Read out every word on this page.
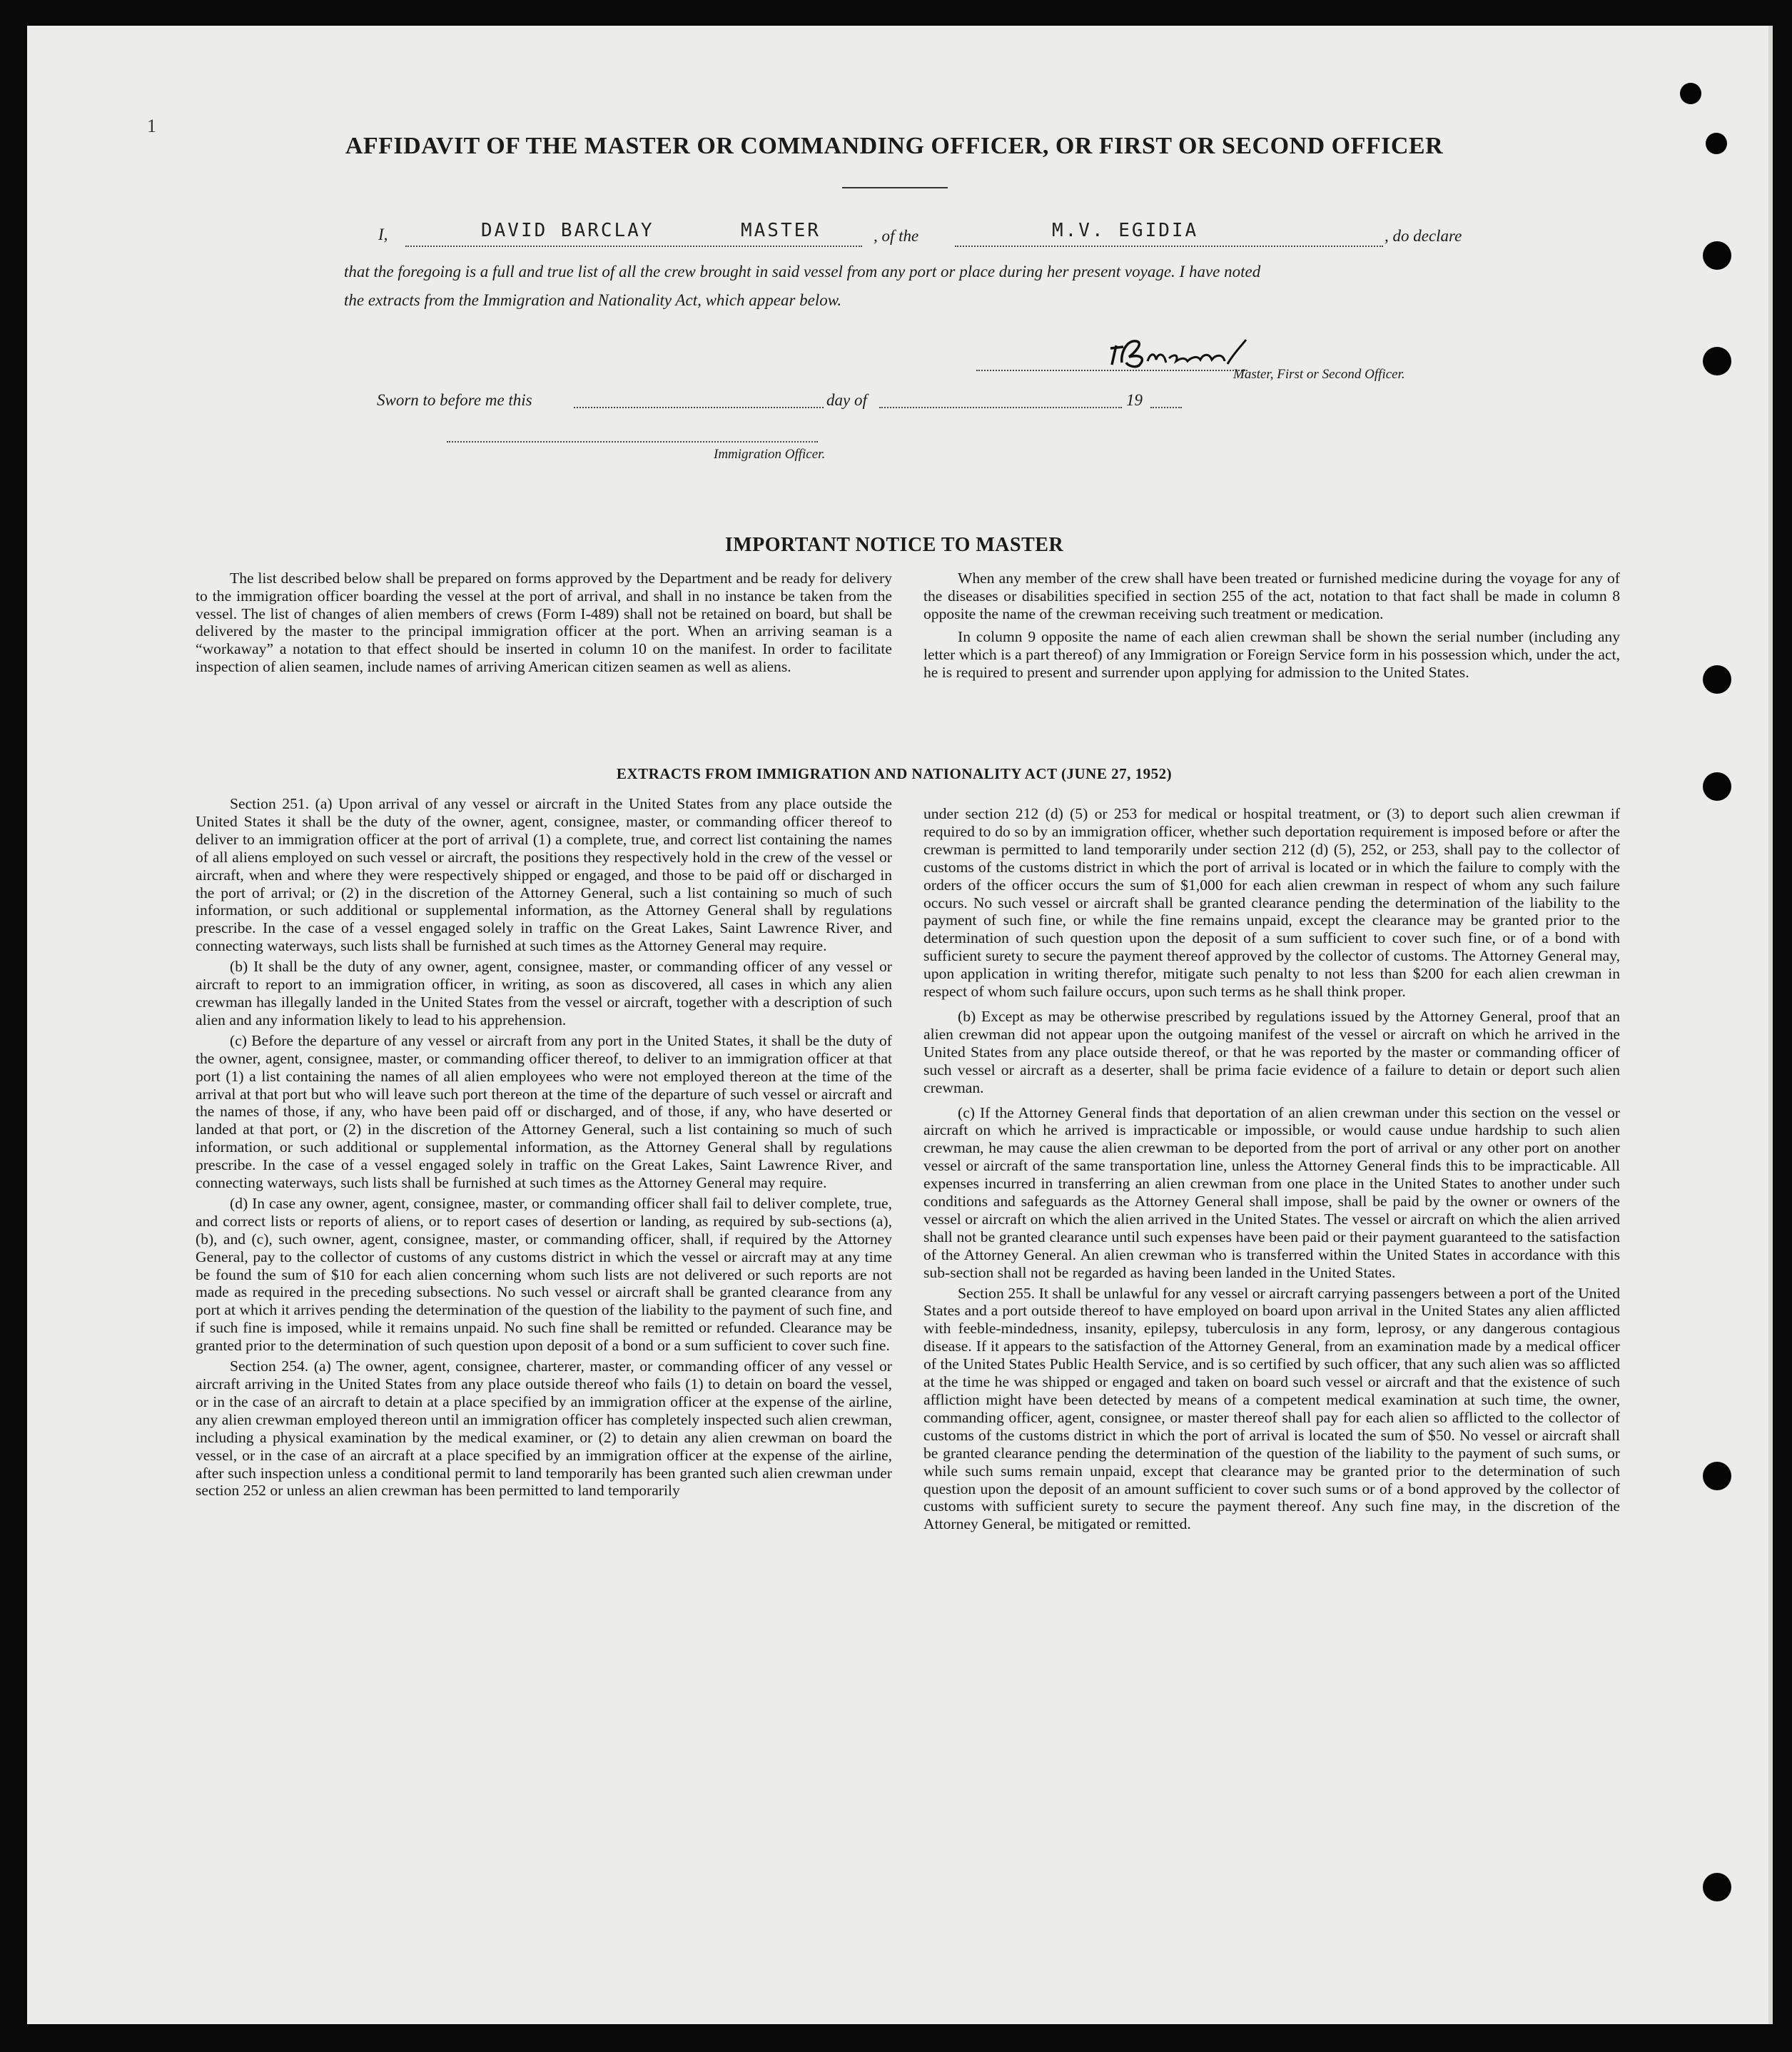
1
AFFIDAVIT OF THE MASTER OR COMMANDING OFFICER, OR FIRST OR SECOND OFFICER
I,	DAVID BARCLAY	MASTER	, of the	M.V. EGIDIA	, do declare
that the foregoing is a full and true list of all the crew brought in said vessel from any port or place during her present voyage. I have noted
the extracts from the Immigration and Nationality Act, which appear below.
Master, First or Second Officer.
Sworn to before me this	day of	19
Immigration Officer.
IMPORTANT NOTICE TO MASTER

The list described below shall be prepared on forms approved by the Department and be ready for delivery to the immigration officer boarding the vessel at the port of arrival, and shall in no instance be taken from the vessel. The list of changes of alien members of crews (Form I-489) shall not be retained on board, but shall be delivered by the master to the principal immigration officer at the port. When an arriving seaman is a “workaway” a notation to that effect should be inserted in column 10 on the manifest. In order to facilitate inspection of alien seamen, include names of arriving American citizen seamen as well as aliens.

When any member of the crew shall have been treated or furnished medicine during the voyage for any of the diseases or disabilities specified in section 255 of the act, notation to that fact shall be made in column 8 opposite the name of the crewman receiving such treatment or medication.

In column 9 opposite the name of each alien crewman shall be shown the serial number (including any letter which is a part thereof) of any Immigration or Foreign Service form in his possession which, under the act, he is required to present and surrender upon applying for admission to the United States.

EXTRACTS FROM IMMIGRATION AND NATIONALITY ACT (JUNE 27, 1952)

Section 251. (a) Upon arrival of any vessel or aircraft in the United States from any place outside the United States it shall be the duty of the owner, agent, consignee, master, or commanding officer thereof to deliver to an immigration officer at the port of arrival (1) a complete, true, and correct list containing the names of all aliens employed on such vessel or aircraft, the positions they respectively hold in the crew of the vessel or aircraft, when and where they were respectively shipped or engaged, and those to be paid off or discharged in the port of arrival; or (2) in the discretion of the Attorney General, such a list containing so much of such information, or such additional or supplemental information, as the Attorney General shall by regulations prescribe. In the case of a vessel engaged solely in traffic on the Great Lakes, Saint Lawrence River, and connecting waterways, such lists shall be furnished at such times as the Attorney General may require.

(b) It shall be the duty of any owner, agent, consignee, master, or commanding officer of any vessel or aircraft to report to an immigration officer, in writing, as soon as discovered, all cases in which any alien crewman has illegally landed in the United States from the vessel or aircraft, together with a description of such alien and any information likely to lead to his apprehension.

(c) Before the departure of any vessel or aircraft from any port in the United States, it shall be the duty of the owner, agent, consignee, master, or commanding officer thereof, to deliver to an immigration officer at that port (1) a list containing the names of all alien employees who were not employed thereon at the time of the arrival at that port but who will leave such port thereon at the time of the departure of such vessel or aircraft and the names of those, if any, who have been paid off or discharged, and of those, if any, who have deserted or landed at that port, or (2) in the discretion of the Attorney General, such a list containing so much of such information, or such additional or supplemental information, as the Attorney General shall by regulations prescribe. In the case of a vessel engaged solely in traffic on the Great Lakes, Saint Lawrence River, and connecting waterways, such lists shall be furnished at such times as the Attorney General may require.

(d) In case any owner, agent, consignee, master, or commanding officer shall fail to deliver complete, true, and correct lists or reports of aliens, or to report cases of desertion or landing, as required by sub-sections (a), (b), and (c), such owner, agent, consignee, master, or commanding officer, shall, if required by the Attorney General, pay to the collector of customs of any customs district in which the vessel or aircraft may at any time be found the sum of $10 for each alien concerning whom such lists are not delivered or such reports are not made as required in the preceding subsections. No such vessel or aircraft shall be granted clearance from any port at which it arrives pending the determination of the question of the liability to the payment of such fine, and if such fine is imposed, while it remains unpaid. No such fine shall be remitted or refunded. Clearance may be granted prior to the determination of such question upon deposit of a bond or a sum sufficient to cover such fine.

Section 254. (a) The owner, agent, consignee, charterer, master, or commanding officer of any vessel or aircraft arriving in the United States from any place outside thereof who fails (1) to detain on board the vessel, or in the case of an aircraft to detain at a place specified by an immigration officer at the expense of the airline, any alien crewman employed thereon until an immigration officer has completely inspected such alien crewman, including a physical examination by the medical examiner, or (2) to detain any alien crewman on board the vessel, or in the case of an aircraft at a place specified by an immigration officer at the expense of the airline, after such inspection unless a conditional permit to land temporarily has been granted such alien crewman under section 252 or unless an alien crewman has been permitted to land temporarily

under section 212 (d) (5) or 253 for medical or hospital treatment, or (3) to deport such alien crewman if required to do so by an immigration officer, whether such deportation requirement is imposed before or after the crewman is permitted to land temporarily under section 212 (d) (5), 252, or 253, shall pay to the collector of customs of the customs district in which the port of arrival is located or in which the failure to comply with the orders of the officer occurs the sum of $1,000 for each alien crewman in respect of whom any such failure occurs. No such vessel or aircraft shall be granted clearance pending the determination of the liability to the payment of such fine, or while the fine remains unpaid, except the clearance may be granted prior to the determination of such question upon the deposit of a sum sufficient to cover such fine, or of a bond with sufficient surety to secure the payment thereof approved by the collector of customs. The Attorney General may, upon application in writing therefor, mitigate such penalty to not less than $200 for each alien crewman in respect of whom such failure occurs, upon such terms as he shall think proper.

(b) Except as may be otherwise prescribed by regulations issued by the Attorney General, proof that an alien crewman did not appear upon the outgoing manifest of the vessel or aircraft on which he arrived in the United States from any place outside thereof, or that he was reported by the master or commanding officer of such vessel or aircraft as a deserter, shall be prima facie evidence of a failure to detain or deport such alien crewman.

(c) If the Attorney General finds that deportation of an alien crewman under this section on the vessel or aircraft on which he arrived is impracticable or impossible, or would cause undue hardship to such alien crewman, he may cause the alien crewman to be deported from the port of arrival or any other port on another vessel or aircraft of the same transportation line, unless the Attorney General finds this to be impracticable. All expenses incurred in transferring an alien crewman from one place in the United States to another under such conditions and safeguards as the Attorney General shall impose, shall be paid by the owner or owners of the vessel or aircraft on which the alien arrived in the United States. The vessel or aircraft on which the alien arrived shall not be granted clearance until such expenses have been paid or their payment guaranteed to the satisfaction of the Attorney General. An alien crewman who is transferred within the United States in accordance with this sub-section shall not be regarded as having been landed in the United States.

Section 255. It shall be unlawful for any vessel or aircraft carrying passengers between a port of the United States and a port outside thereof to have employed on board upon arrival in the United States any alien afflicted with feeble-mindedness, insanity, epilepsy, tuberculosis in any form, leprosy, or any dangerous contagious disease. If it appears to the satisfaction of the Attorney General, from an examination made by a medical officer of the United States Public Health Service, and is so certified by such officer, that any such alien was so afflicted at the time he was shipped or engaged and taken on board such vessel or aircraft and that the existence of such affliction might have been detected by means of a competent medical examination at such time, the owner, commanding officer, agent, consignee, or master thereof shall pay for each alien so afflicted to the collector of customs of the customs district in which the port of arrival is located the sum of $50. No vessel or aircraft shall be granted clearance pending the determination of the question of the liability to the payment of such sums, or while such sums remain unpaid, except that clearance may be granted prior to the determination of such question upon the deposit of an amount sufficient to cover such sums or of a bond approved by the collector of customs with sufficient surety to secure the payment thereof. Any such fine may, in the discretion of the Attorney General, be mitigated or remitted.
